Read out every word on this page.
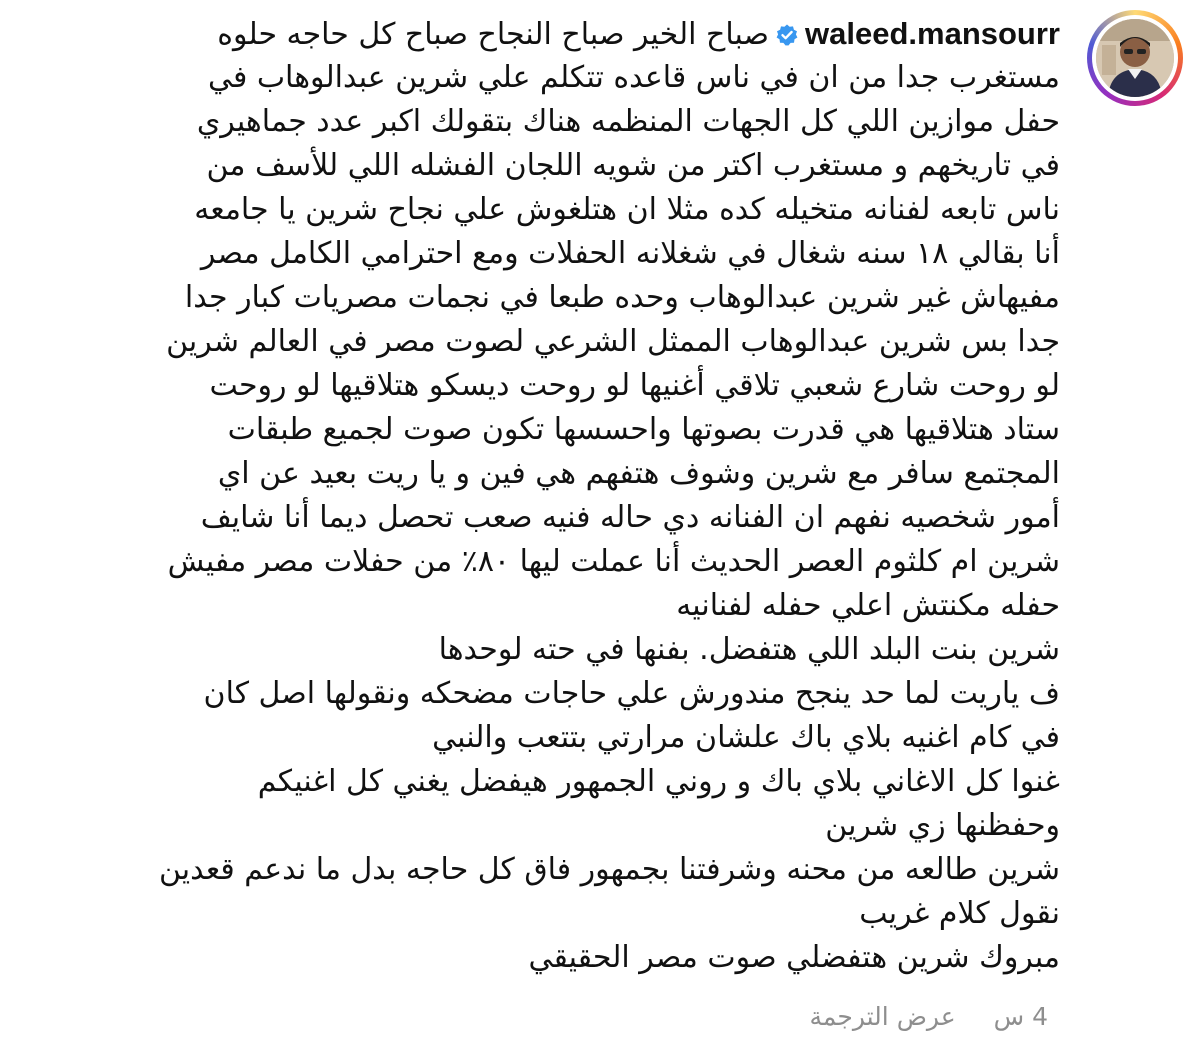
waleed.mansourrصباح الخير صباح النجاح صباح كل حاجه حلوه
مستغرب جدا من ان في ناس قاعده تتكلم علي شرين عبدالوهاب في
حفل موازين اللي كل الجهات المنظمه هناك بتقولك اكبر عدد جماهيري
في تاريخهم و مستغرب اكتر من شويه اللجان الفشله اللي للأسف من
ناس تابعه لفنانه متخيله كده مثلا ان هتلغوش علي نجاح شرين يا جامعه
أنا بقالي ١٨ سنه شغال في شغلانه الحفلات ومع احترامي الكامل مصر
مفيهاش غير شرين عبدالوهاب وحده طبعا في نجمات مصريات كبار جدا
جدا بس شرين عبدالوهاب الممثل الشرعي لصوت مصر في العالم شرين
لو روحت شارع شعبي تلاقي أغنيها لو روحت ديسكو هتلاقيها لو روحت
ستاد هتلاقيها هي قدرت بصوتها واحسسها تكون صوت لجميع طبقات
المجتمع سافر مع شرين وشوف هتفهم هي فين و يا ريت بعيد عن اي
أمور شخصيه نفهم ان الفنانه دي حاله فنيه صعب تحصل ديما أنا شايف
شرين ام كلثوم العصر الحديث أنا عملت ليها ٨٠٪ من حفلات مصر مفيش
حفله مكنتش اعلي حفله لفنانيه
شرين بنت البلد اللي هتفضل. بفنها في حته لوحدها
ف ياريت لما حد ينجح مندورش علي حاجات مضحكه ونقولها اصل كان
في كام اغنيه بلاي باك علشان مرارتي بتتعب والنبي
غنوا كل الاغاني بلاي باك و روني الجمهور هيفضل يغني كل اغنيكم
وحفظنها زي شرين
شرين طالعه من محنه وشرفتنا بجمهور فاق كل حاجه بدل ما ندعم قعدين
نقول كلام غريب
مبروك شرين هتفضلي صوت مصر الحقيقي
4 سعرض الترجمة
